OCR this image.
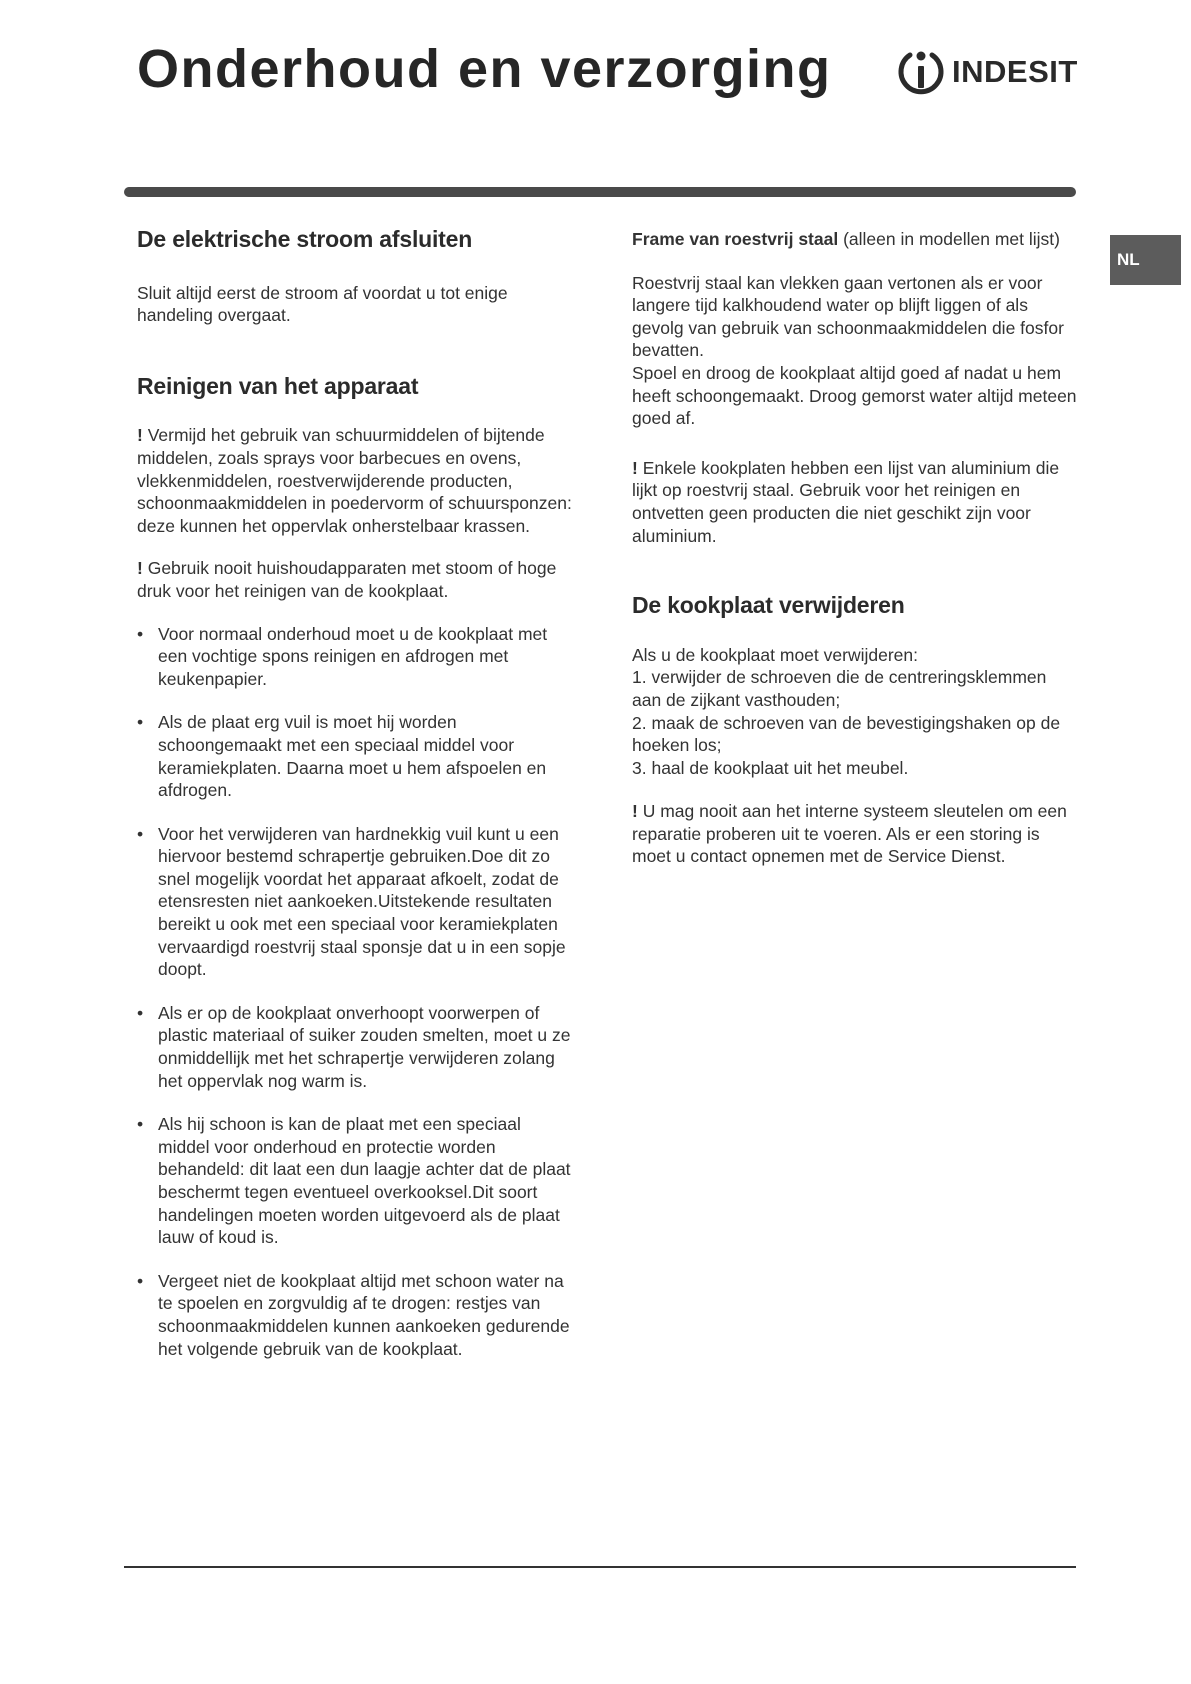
Onderhoud en verzorging	INDESIT
NL
De elektrische stroom afsluiten

Sluit altijd eerst de stroom af voordat u tot enige handeling overgaat.

Reinigen van het apparaat

! Vermijd het gebruik van schuurmiddelen of bijtende middelen, zoals sprays voor barbecues en ovens, vlekkenmiddelen, roestverwijderende producten, schoonmaakmiddelen in poedervorm of schuursponzen: deze kunnen het oppervlak onherstelbaar krassen.

! Gebruik nooit huishoudapparaten met stoom of hoge druk voor het reinigen van de kookplaat.

• Voor normaal onderhoud moet u de kookplaat met een vochtige spons reinigen en afdrogen met keukenpapier.
• Als de plaat erg vuil is moet hij worden schoongemaakt met een speciaal middel voor keramiekplaten. Daarna moet u hem afspoelen en afdrogen.
• Voor het verwijderen van hardnekkig vuil kunt u een hiervoor bestemd schrapertje gebruiken.Doe dit zo snel mogelijk voordat het apparaat afkoelt, zodat de etensresten niet aankoeken.Uitstekende resultaten bereikt u ook met een speciaal voor keramiekplaten vervaardigd roestvrij staal sponsje dat u in een sopje doopt.
• Als er op de kookplaat onverhoopt voorwerpen of plastic materiaal of suiker zouden smelten, moet u ze onmiddellijk met het schrapertje verwijderen zolang het oppervlak nog warm is.
• Als hij schoon is kan de plaat met een speciaal middel voor onderhoud en protectie worden behandeld: dit laat een dun laagje achter dat de plaat beschermt tegen eventueel overkooksel.Dit soort handelingen moeten worden uitgevoerd als de plaat lauw of koud is.
• Vergeet niet de kookplaat altijd met schoon water na te spoelen en zorgvuldig af te drogen: restjes van schoonmaakmiddelen kunnen aankoeken gedurende het volgende gebruik van de kookplaat.

Frame van roestvrij staal (alleen in modellen met lijst)

Roestvrij staal kan vlekken gaan vertonen als er voor langere tijd kalkhoudend water op blijft liggen of als gevolg van gebruik van schoonmaakmiddelen die fosfor bevatten.

Spoel en droog de kookplaat altijd goed af nadat u hem heeft schoongemaakt. Droog gemorst water altijd meteen goed af.

! Enkele kookplaten hebben een lijst van aluminium die lijkt op roestvrij staal. Gebruik voor het reinigen en ontvetten geen producten die niet geschikt zijn voor aluminium.

De kookplaat verwijderen

Als u de kookplaat moet verwijderen:

1. verwijder de schroeven die de centreringsklemmen aan de zijkant vasthouden;

2. maak de schroeven van de bevestigingshaken op de hoeken los;

3. haal de kookplaat uit het meubel.

! U mag nooit aan het interne systeem sleutelen om een reparatie proberen uit te voeren. Als er een storing is moet u contact opnemen met de Service Dienst.
